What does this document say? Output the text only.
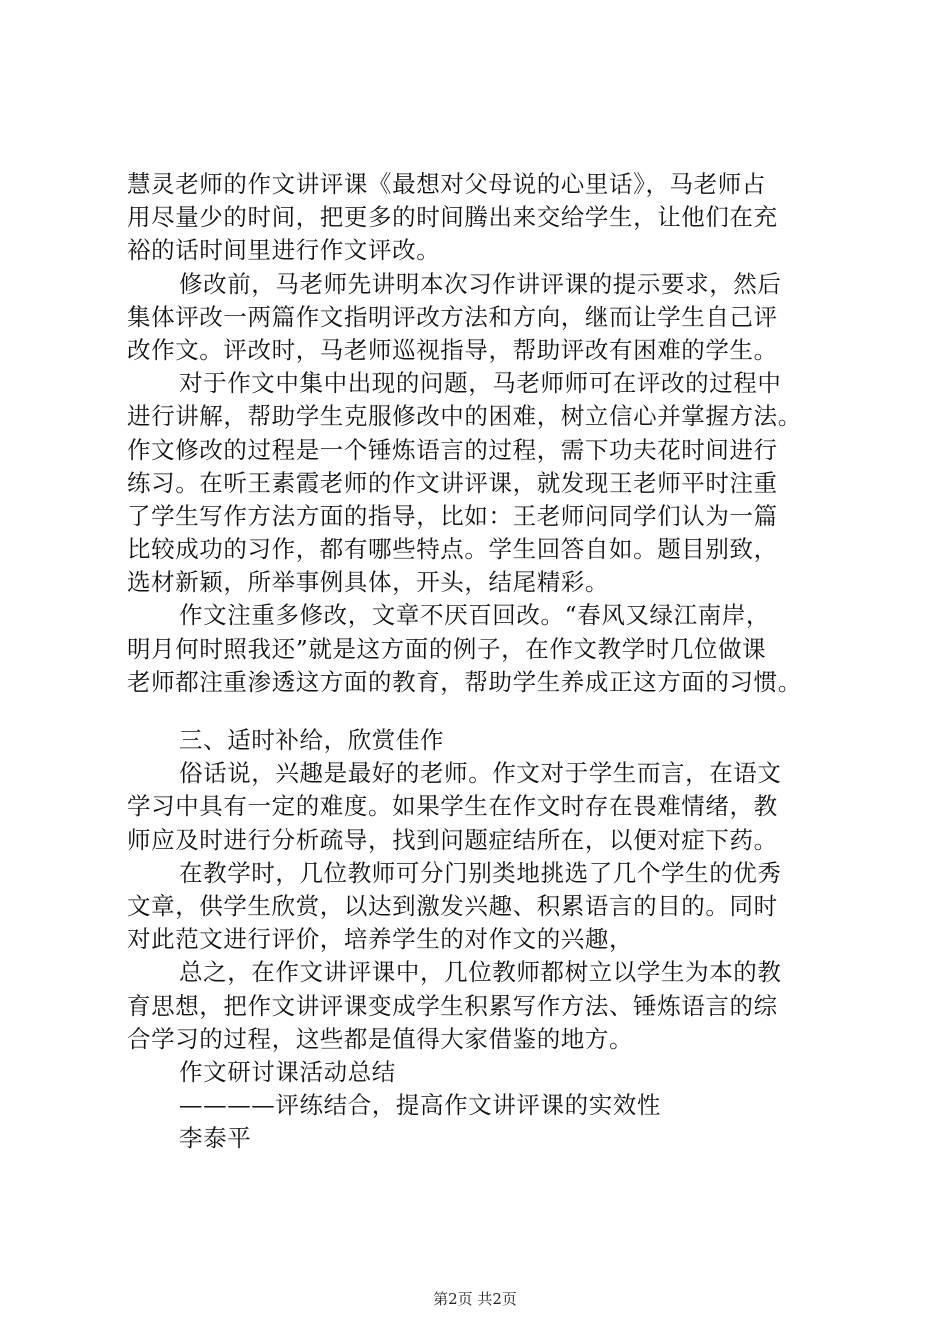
慧灵老师的作文讲评课《最想对父母说的心里话》，马老师占
用尽量少的时间，把更多的时间腾出来交给学生，让他们在充
裕的话时间里进行作文评改。
修改前，马老师先讲明本次习作讲评课的提示要求，然后
集体评改一两篇作文指明评改方法和方向，继而让学生自己评
改作文。评改时，马老师巡视指导，帮助评改有困难的学生。
对于作文中集中出现的问题，马老师师可在评改的过程中
进行讲解，帮助学生克服修改中的困难，树立信心并掌握方法。
作文修改的过程是一个锤炼语言的过程，需下功夫花时间进行
练习。在听王素霞老师的作文讲评课，就发现王老师平时注重
了学生写作方法方面的指导，比如：王老师问同学们认为一篇
比较成功的习作，都有哪些特点。学生回答自如。题目别致，
选材新颖，所举事例具体，开头，结尾精彩。
作文注重多修改，文章不厌百回改。“春风又绿江南岸，
明月何时照我还”就是这方面的例子，在作文教学时几位做课
老师都注重渗透这方面的教育，帮助学生养成正这方面的习惯。
三、适时补给，欣赏佳作
俗话说，兴趣是最好的老师。作文对于学生而言，在语文
学习中具有一定的难度。如果学生在作文时存在畏难情绪，教
师应及时进行分析疏导，找到问题症结所在，以便对症下药。
在教学时，几位教师可分门别类地挑选了几个学生的优秀
文章，供学生欣赏，以达到激发兴趣、积累语言的目的。同时
对此范文进行评价，培养学生的对作文的兴趣，
总之，在作文讲评课中，几位教师都树立以学生为本的教
育思想，把作文讲评课变成学生积累写作方法、锤炼语言的综
合学习的过程，这些都是值得大家借鉴的地方。
作文研讨课活动总结
————评练结合，提高作文讲评课的实效性
李泰平
第2页 共2页
